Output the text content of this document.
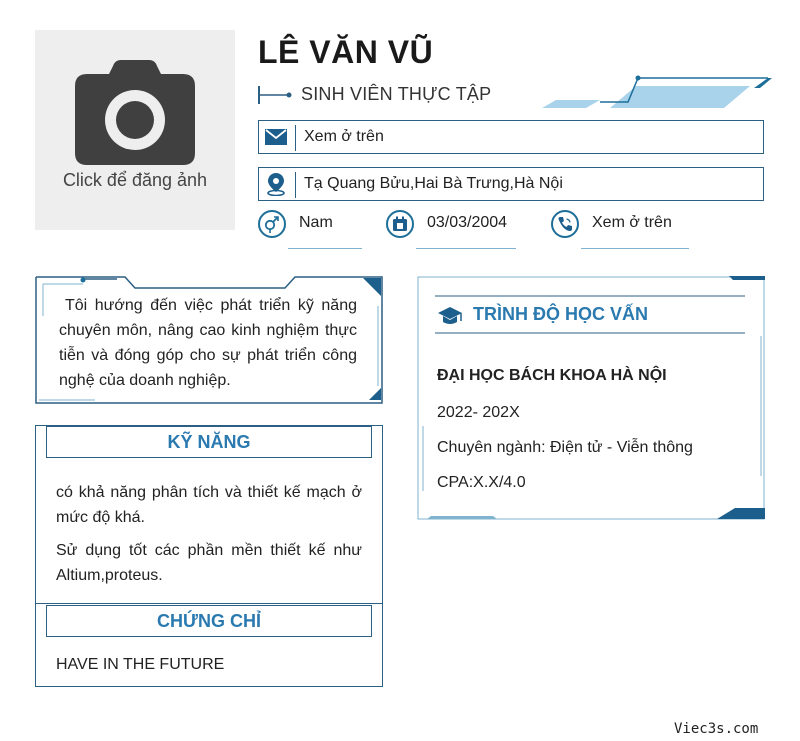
Click để đăng ảnh
LÊ VĂN VŨ
SINH VIÊN THỰC TẬP
Xem ở trên
Tạ Quang Bửu,Hai Bà Trưng,Hà Nội
Nam	03/03/2004	Xem ở trên
Tôi hướng đến việc phát triển kỹ năng chuyên môn, nâng cao kinh nghiệm thực tiễn và đóng góp cho sự phát triển công nghệ của doanh nghiệp.
KỸ NĂNG
có khả năng phân tích và thiết kế mạch ở mức độ khá.
Sử dụng tốt các phần mền thiết kế như Altium,proteus.
CHỨNG CHỈ
HAVE IN THE FUTURE
TRÌNH ĐỘ HỌC VẤN
ĐẠI HỌC BÁCH KHOA HÀ NỘI
2022- 202X
Chuyên ngành: Điện tử - Viễn thông
CPA:X.X/4.0
Viec3s.com
